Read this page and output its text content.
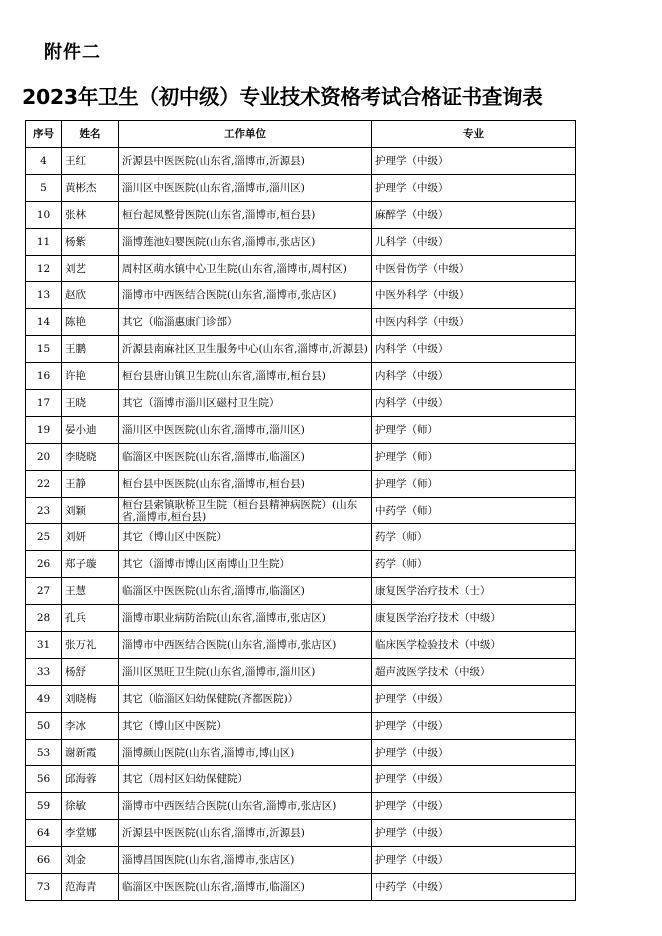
附件二
2023年卫生（初中级）专业技术资格考试合格证书查询表
序号	姓名	工作单位	专业
4	王红	沂源县中医医院(山东省,淄博市,沂源县)	护理学（中级）
5	黄彬杰	淄川区中医医院(山东省,淄博市,淄川区)	护理学（中级）
10	张林	桓台起凤整骨医院(山东省,淄博市,桓台县)	麻醉学（中级）
11	杨紫	淄博莲池妇婴医院(山东省,淄博市,张店区)	儿科学（中级）
12	刘艺	周村区萌水镇中心卫生院(山东省,淄博市,周村区)	中医骨伤学（中级）
13	赵欣	淄博市中西医结合医院(山东省,淄博市,张店区)	中医外科学（中级）
14	陈艳	其它（临淄惠康门诊部）	中医内科学（中级）
15	王鹏	沂源县南麻社区卫生服务中心(山东省,淄博市,沂源县)	内科学（中级）
16	许艳	桓台县唐山镇卫生院(山东省,淄博市,桓台县)	内科学（中级）
17	王晓	其它（淄博市淄川区磁村卫生院）	内科学（中级）
19	晏小迪	淄川区中医医院(山东省,淄博市,淄川区)	护理学（师）
20	李晓晓	临淄区中医医院(山东省,淄博市,临淄区)	护理学（师）
22	王静	桓台县中医医院(山东省,淄博市,桓台县)	护理学（师）
23	刘颖	桓台县索镇耿桥卫生院（桓台县精神病医院）(山东省,淄博市,桓台县)	中药学（师）
25	刘妍	其它（博山区中医院）	药学（师）
26	郑子璇	其它（淄博市博山区南博山卫生院）	药学（师）
27	王慧	临淄区中医医院(山东省,淄博市,临淄区)	康复医学治疗技术（士）
28	孔兵	淄博市职业病防治院(山东省,淄博市,张店区)	康复医学治疗技术（中级）
31	张万礼	淄博市中西医结合医院(山东省,淄博市,张店区)	临床医学检验技术（中级）
33	杨舒	淄川区黑旺卫生院(山东省,淄博市,淄川区)	超声波医学技术（中级）
49	刘晓梅	其它（临淄区妇幼保健院(齐都医院)）	护理学（中级）
50	李冰	其它（博山区中医院）	护理学（中级）
53	谢新霞	淄博颜山医院(山东省,淄博市,博山区)	护理学（中级）
56	邱海蓉	其它（周村区妇幼保健院）	护理学（中级）
59	徐敏	淄博市中西医结合医院(山东省,淄博市,张店区)	护理学（中级）
64	李堂娜	沂源县中医医院(山东省,淄博市,沂源县)	护理学（中级）
66	刘金	淄博昌国医院(山东省,淄博市,张店区)	护理学（中级）
73	范海青	临淄区中医医院(山东省,淄博市,临淄区)	中药学（中级）
